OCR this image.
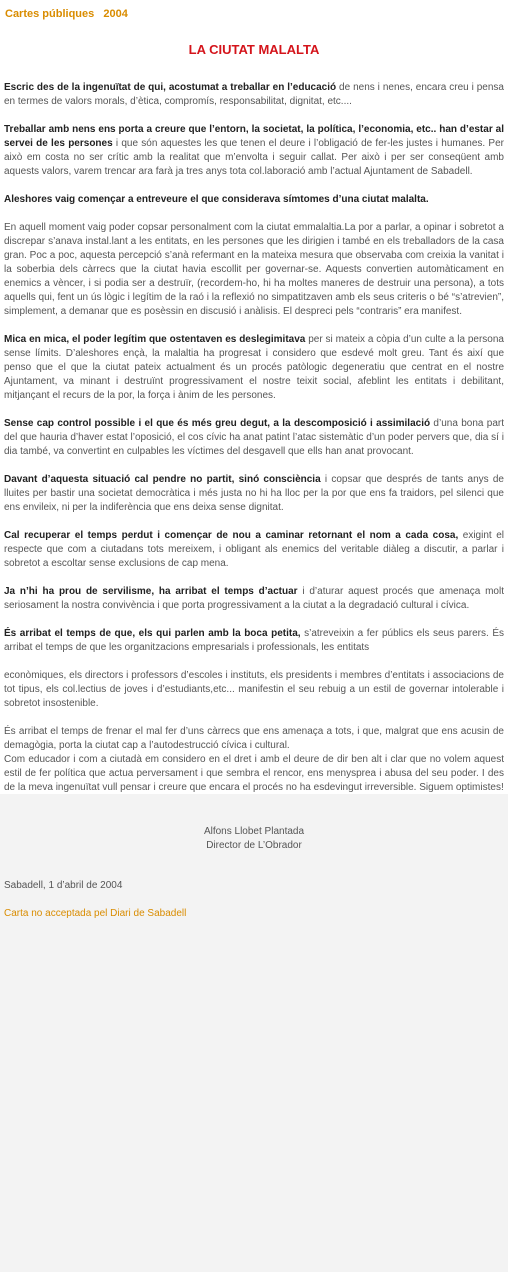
Cartes públiques 2004
LA CIUTAT MALALTA

Escric des de la ingenuïtat de qui, acostumat a treballar en l’educació de nens i nenes, encara creu i pensa en termes de valors morals, d’ètica, compromís, responsabilitat, dignitat, etc....

Treballar amb nens ens porta a creure que l’entorn, la societat, la política, l’economia, etc.. han d’estar al servei de les persones i que són aquestes les que tenen el deure i l’obligació de fer-les justes i humanes. Per això em costa no ser crític amb la realitat que m’envolta i seguir callat. Per això i per ser conseqüent amb aquests valors, varem trencar ara farà ja tres anys tota col.laboració amb l’actual Ajuntament de Sabadell.

Aleshores vaig començar a entreveure el que considerava símtomes d’una ciutat malalta.

En aquell moment vaig poder copsar personalment com la ciutat emmalaltia.La por a parlar, a opinar i sobretot a discrepar s’anava instal.lant a les entitats, en les persones que les dirigien i també en els treballadors de la casa gran. Poc a poc, aquesta percepció s’anà refermant en la mateixa mesura que observaba com creixia la vanitat i la soberbia dels càrrecs que la ciutat havia escollit per governar-se. Aquests convertien automàticament en enemics a vèncer, i si podia ser a destruïr, (recordem-ho, hi ha moltes maneres de destruir una persona), a tots aquells qui, fent un ús lògic i legítim de la raó i la reflexió no simpatitzaven amb els seus criteris o bé “s’atrevien”, simplement, a demanar que es posèssin en discusió i anàlisis. El despreci pels “contraris” era manifest.

Mica en mica, el poder legítim que ostentaven es deslegimitava per si mateix a còpia d’un culte a la persona sense límits. D’aleshores ençà, la malaltia ha progresat i considero que esdevé molt greu. Tant és així que penso que el que la ciutat pateix actualment és un procés patòlogic degeneratiu que centrat en el nostre Ajuntament, va minant i destruïnt progressivament el nostre teixit social, afeblint les entitats i debilitant, mitjançant el recurs de la por, la força i ànim de les persones.

Sense cap control possible i el que és més greu degut, a la descomposició i assimilació d’una bona part del que hauria d’haver estat l’oposició, el cos cívic ha anat patint l’atac sistemàtic d’un poder pervers que, dia sí i dia també, va convertint en culpables les víctimes del desgavell que ells han anat provocant.

Davant d’aquesta situació cal pendre no partit, sinó consciència i copsar que després de tants anys de lluites per bastir una societat democràtica i més justa no hi ha lloc per la por que ens fa traidors, pel silenci que ens envileix, ni per la indiferència que ens deixa sense dignitat.

Cal recuperar el temps perdut i començar de nou a caminar retornant el nom a cada cosa, exigint el respecte que com a ciutadans tots mereixem, i obligant als enemics del veritable diàleg a discutir, a parlar i sobretot a escoltar sense exclusions de cap mena.

Ja n’hi ha prou de servilisme, ha arribat el temps d’actuar i d’aturar aquest procés que amenaça molt seriosament la nostra convivència i que porta progressivament a la ciutat a la degradació cultural i cívica.

És arribat el temps de que, els qui parlen amb la boca petita, s’atreveixin a fer públics els seus parers. És arribat el temps de que les organitzacions empresarials i professionals, les entitats

econòmiques, els directors i professors d’escoles i instituts, els presidents i membres d’entitats i associacions de tot tipus, els col.lectius de joves i d’estudiants,etc... manifestin el seu rebuig a un estil de governar intolerable i sobretot insostenible.

És arribat el temps de frenar el mal fer d’uns càrrecs que ens amenaça a tots, i que, malgrat que ens acusin de demagògia, porta la ciutat cap a l’autodestrucció cívica i cultural.

Com educador i com a ciutadà em considero en el dret i amb el deure de dir ben alt i clar que no volem aquest estil de fer política que actua perversament i que sembra el rencor, ens menysprea i abusa del seu poder. I des de la meva ingenuïtat vull pensar i creure que encara el procés no ha esdevingut irreversible. Siguem optimistes!

Alfons Llobet Plantada
Director de L’Obrador
Sabadell, 1 d’abril de 2004
Carta no acceptada pel Diari de Sabadell
